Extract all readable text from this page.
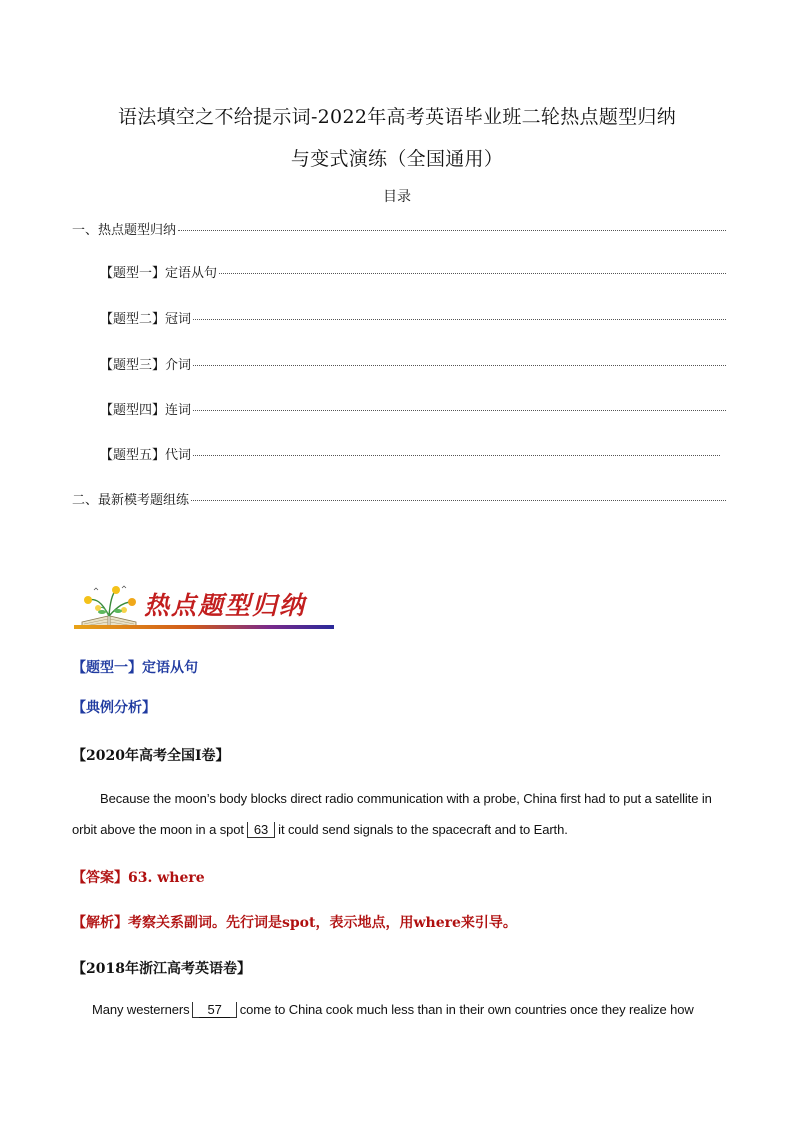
语法填空之不给提示词-2022年高考英语毕业班二轮热点题型归纳
与变式演练（全国通用）
目录
一、热点题型归纳
【题型一】定语从句
【题型二】冠词
【题型三】介词
【题型四】连词
【题型五】代词
二、最新模考题组练
热点题型归纳
【题型一】定语从句
【典例分析】
【2020年高考全国I卷】
Because the moon’s body blocks direct radio communication with a probe, China first had to put a satellite in
orbit above the moon in a spot 63 it could send signals to the spacecraft and to Earth.
【答案】63. where
【解析】考察关系副词。先行词是spot，表示地点，用where来引导。
【2018年浙江高考英语卷】
Many westerners 57 come to China cook much less than in their own countries once they realize how
